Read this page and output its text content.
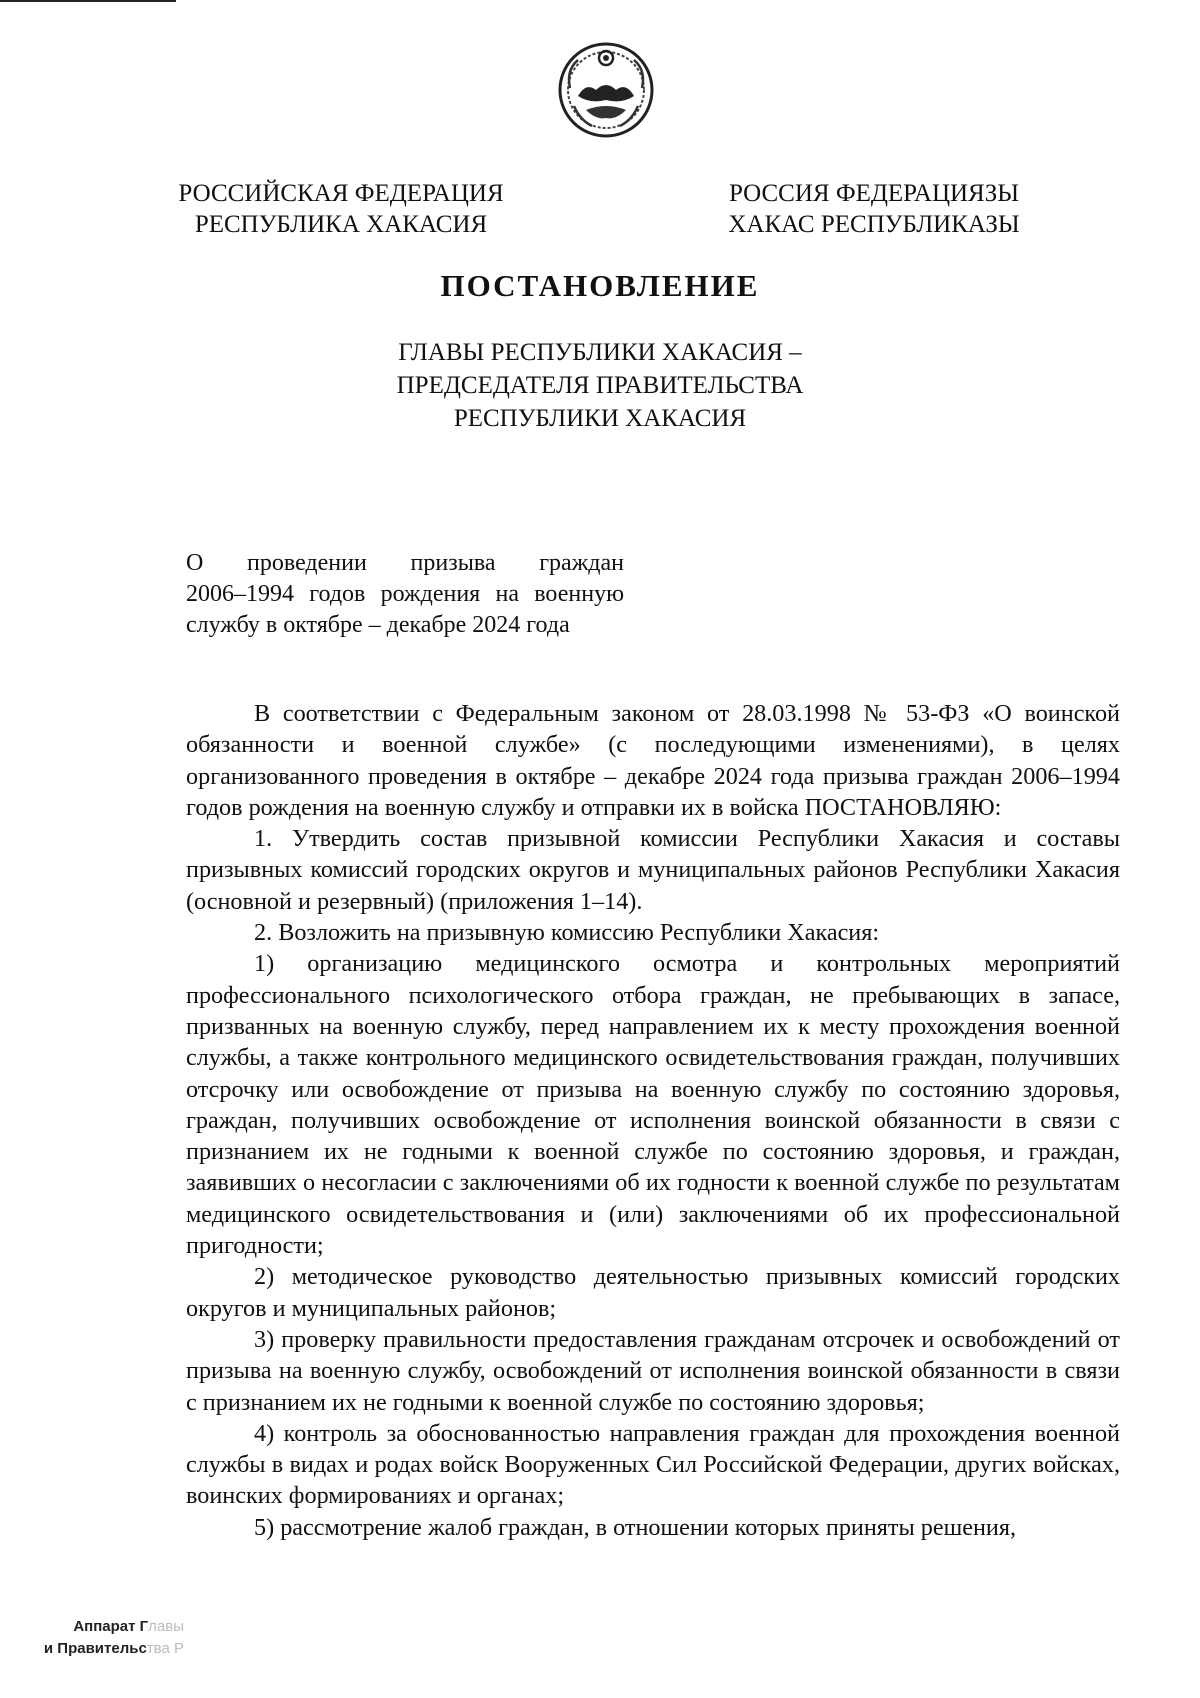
РОССИЙСКАЯ ФЕДЕРАЦИЯ
РЕСПУБЛИКА ХАКАСИЯ
РОССИЯ ФЕДЕРАЦИЯЗЫ
ХАКАС РЕСПУБЛИКАЗЫ
ПОСТАНОВЛЕНИЕ
ГЛАВЫ РЕСПУБЛИКИ ХАКАСИЯ –
ПРЕДСЕДАТЕЛЯ ПРАВИТЕЛЬСТВА
РЕСПУБЛИКИ ХАКАСИЯ
О проведении призыва граждан
2006–1994 годов рождения на военную службу в октябре – декабре 2024 года

В соответствии с Федеральным законом от 28.03.1998 № 53-ФЗ «О воинской обязанности и военной службе» (с последующими изменениями), в целях организованного проведения в октябре – декабре 2024 года призыва граждан 2006–1994 годов рождения на военную службу и отправки их в войска ПОСТАНОВЛЯЮ:

1. Утвердить состав призывной комиссии Республики Хакасия и составы призывных комиссий городских округов и муниципальных районов Республики Хакасия (основной и резервный) (приложения 1–14).

2. Возложить на призывную комиссию Республики Хакасия:

1) организацию медицинского осмотра и контрольных мероприятий профессионального психологического отбора граждан, не пребывающих в запасе, призванных на военную службу, перед направлением их к месту прохождения военной службы, а также контрольного медицинского освидетельствования граждан, получивших отсрочку или освобождение от призыва на военную службу по состоянию здоровья, граждан, получивших освобождение от исполнения воинской обязанности в связи с признанием их не годными к военной службе по состоянию здоровья, и граждан, заявивших о несогласии с заключениями об их годности к военной службе по результатам медицинского освидетельствования и (или) заключениями об их профессиональной пригодности;

2) методическое руководство деятельностью призывных комиссий городских округов и муниципальных районов;

3) проверку правильности предоставления гражданам отсрочек и освобождений от призыва на военную службу, освобождений от исполнения воинской обязанности в связи с признанием их не годными к военной службе по состоянию здоровья;

4) контроль за обоснованностью направления граждан для прохождения военной службы в видах и родах войск Вооруженных Сил Российской Федерации, других войсках, воинских формированиях и органах;

5) рассмотрение жалоб граждан, в отношении которых приняты решения,

Аппарат Главы
и Правительства Р
